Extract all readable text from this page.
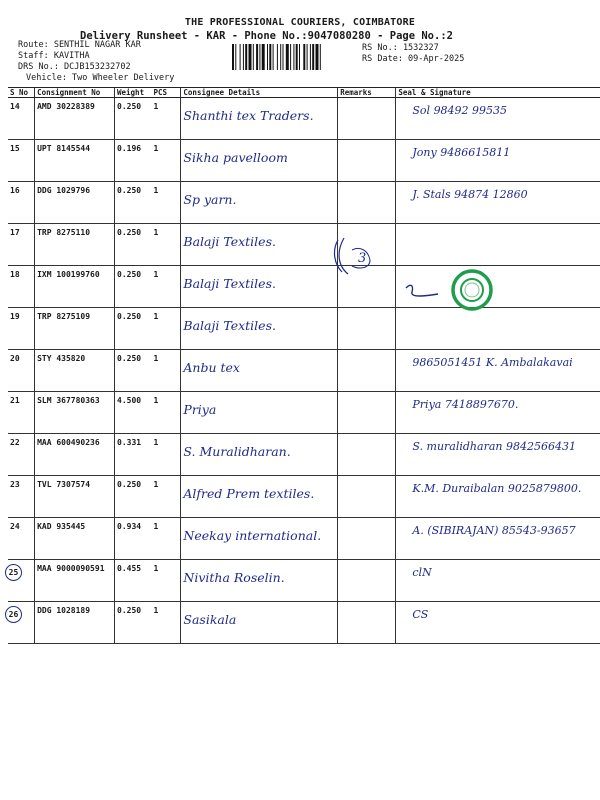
THE PROFESSIONAL COURIERS, COIMBATORE
Delivery Runsheet - KAR - Phone No.:9047080280 - Page No.:2
Route: SENTHIL NAGAR KAR
Staff: KAVITHA
DRS No.: DCJB153232702
Vehicle: Two Wheeler Delivery
RS No.: 1532327
RS Date: 09-Apr-2025
S No	Consignment No	Weight	PCS	Consignee Details	Remarks	Seal & Signature
14	AMD 30228389	0.250	1	Shanthi tex Traders.		Sol 98492 99535

15	UPT 8145544	0.196	1	Sikha pavelloom		Jony 9486615811

16	DDG 1029796	0.250	1	Sp yarn.		J. Stals 94874 12860

17	TRP 8275110	0.250	1	Balaji Textiles.		

18	IXM 100199760	0.250	1	Balaji Textiles.		

19	TRP 8275109	0.250	1	Balaji Textiles.		

20	STY 435820	0.250	1	Anbu tex		9865051451 K. Ambalakavai

21	SLM 367780363	4.500	1	Priya		Priya 7418897670.

22	MAA 600490236	0.331	1	S. Muralidharan.		S. muralidharan 9842566431

23	TVL 7307574	0.250	1	Alfred Prem textiles.		K.M. Duraibalan 9025879800.

24	KAD 935445	0.934	1	Neekay international.		A. (SIBIRAJAN) 85543-93657

25	MAA 9000090591	0.455	1	Nivitha Roselin.		clN

26	DDG 1028189	0.250	1	Sasikala		CS
3
